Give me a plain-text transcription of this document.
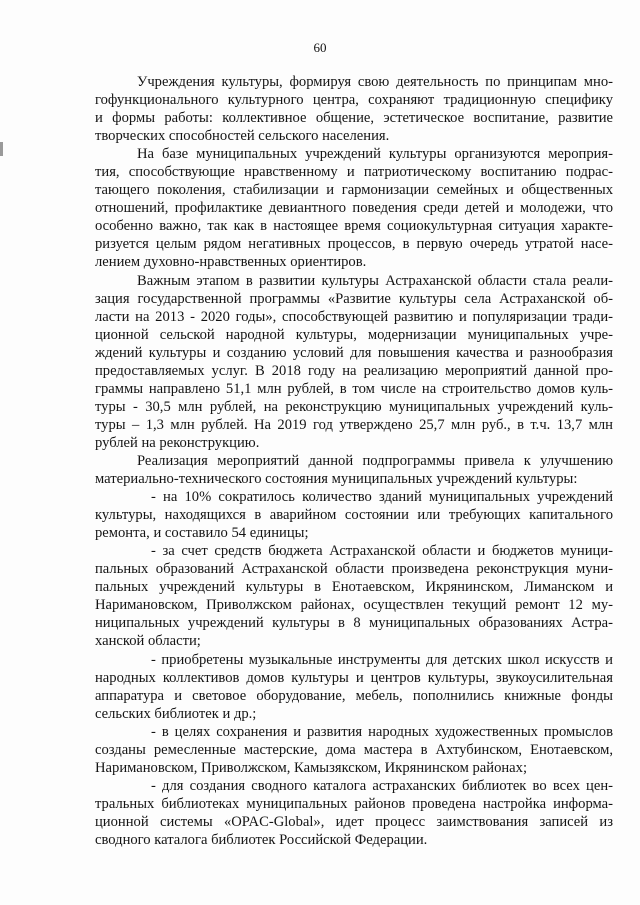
60
Учреждения культуры, формируя свою деятельность по принципам мно-
гофункционального культурного центра, сохраняют традиционную специфику
и формы работы: коллективное общение, эстетическое воспитание, развитие
творческих способностей сельского населения.
На базе муниципальных учреждений культуры организуются мероприя-
тия, способствующие нравственному и патриотическому воспитанию подрас-
тающего поколения, стабилизации и гармонизации семейных и общественных
отношений, профилактике девиантного поведения среди детей и молодежи, что
особенно важно, так как в настоящее время социокультурная ситуация характе-
ризуется целым рядом негативных процессов, в первую очередь утратой насе-
лением духовно-нравственных ориентиров.
Важным этапом в развитии культуры Астраханской области стала реали-
зация государственной программы «Развитие культуры села Астраханской об-
ласти на 2013 - 2020 годы», способствующей развитию и популяризации тради-
ционной сельской народной культуры, модернизации муниципальных учре-
ждений культуры и созданию условий для повышения качества и разнообразия
предоставляемых услуг. В 2018 году на реализацию мероприятий данной про-
граммы направлено 51,1 млн рублей, в том числе на строительство домов куль-
туры - 30,5 млн рублей, на реконструкцию муниципальных учреждений куль-
туры – 1,3 млн рублей. На 2019 год утверждено 25,7 млн руб., в т.ч. 13,7 млн
рублей на реконструкцию.
Реализация мероприятий данной подпрограммы привела к улучшению
материально-технического состояния муниципальных учреждений культуры:
- на 10% сократилось количество зданий муниципальных учреждений
культуры, находящихся в аварийном состоянии или требующих капитального
ремонта, и составило 54 единицы;
- за счет средств бюджета Астраханской области и бюджетов муници-
пальных образований Астраханской области произведена реконструкция муни-
пальных учреждений культуры в Енотаевском, Икрянинском, Лиманском и
Наримановском, Приволжском районах, осуществлен текущий ремонт 12 му-
ниципальных учреждений культуры в 8 муниципальных образованиях Астра-
ханской области;
- приобретены музыкальные инструменты для детских школ искусств и
народных коллективов домов культуры и центров культуры, звукоусилительная
аппаратура и световое оборудование, мебель, пополнились книжные фонды
сельских библиотек и др.;
- в целях сохранения и развития народных художественных промыслов
созданы ремесленные мастерские, дома мастера в Ахтубинском, Енотаевском,
Наримановском, Приволжском, Камызякском, Икрянинском районах;
- для создания сводного каталога астраханских библиотек во всех цен-
тральных библиотеках муниципальных районов проведена настройка информа-
ционной системы «OPAC-Global», идет процесс заимствования записей из
сводного каталога библиотек Российской Федерации.
